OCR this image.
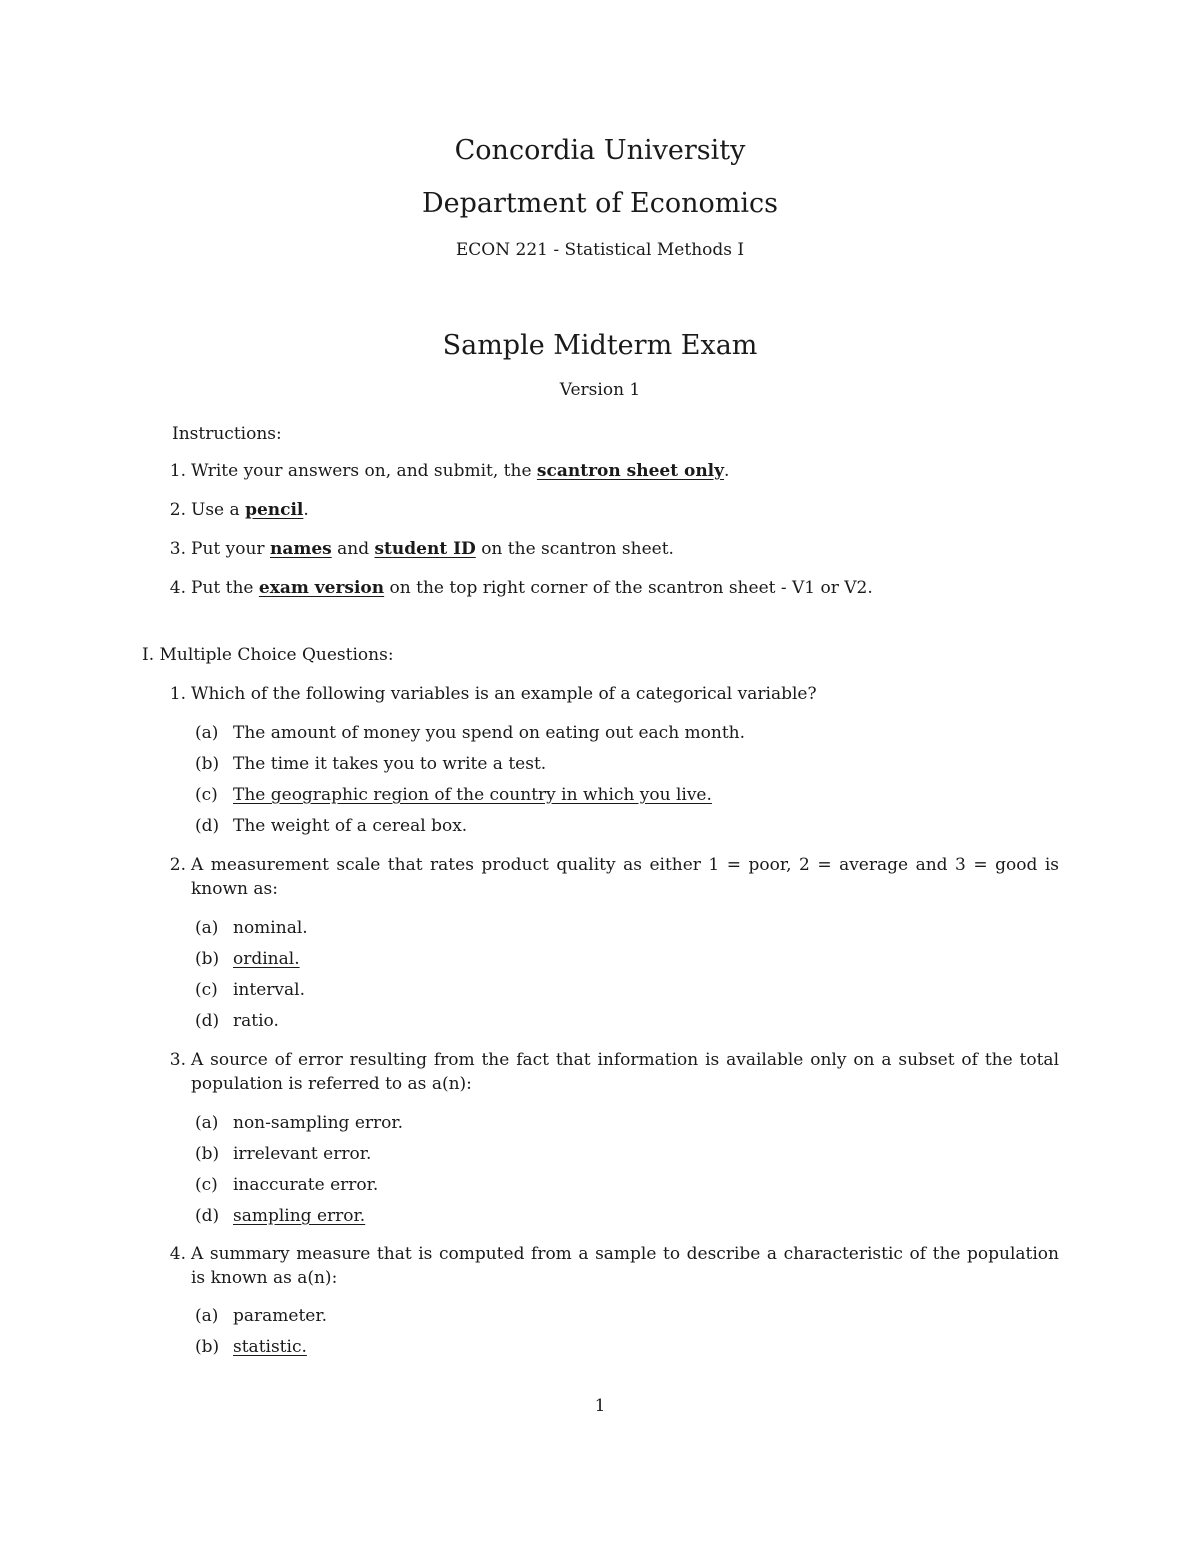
Concordia University
Department of Economics
ECON 221 - Statistical Methods I
Sample Midterm Exam
Version 1
Instructions:
1. Write your answers on, and submit, the scantron sheet only.
2. Use a pencil.
3. Put your names and student ID on the scantron sheet.
4. Put the exam version on the top right corner of the scantron sheet - V1 or V2.
I. Multiple Choice Questions:
1. Which of the following variables is an example of a categorical variable?
(a) The amount of money you spend on eating out each month.
(b) The time it takes you to write a test.
(c) The geographic region of the country in which you live.
(d) The weight of a cereal box.
2. A measurement scale that rates product quality as either 1 = poor, 2 = average and 3 = good is known as:
(a) nominal.
(b) ordinal.
(c) interval.
(d) ratio.
3. A source of error resulting from the fact that information is available only on a subset of the total population is referred to as a(n):
(a) non-sampling error.
(b) irrelevant error.
(c) inaccurate error.
(d) sampling error.
4. A summary measure that is computed from a sample to describe a characteristic of the population is known as a(n):
(a) parameter.
(b) statistic.
1
